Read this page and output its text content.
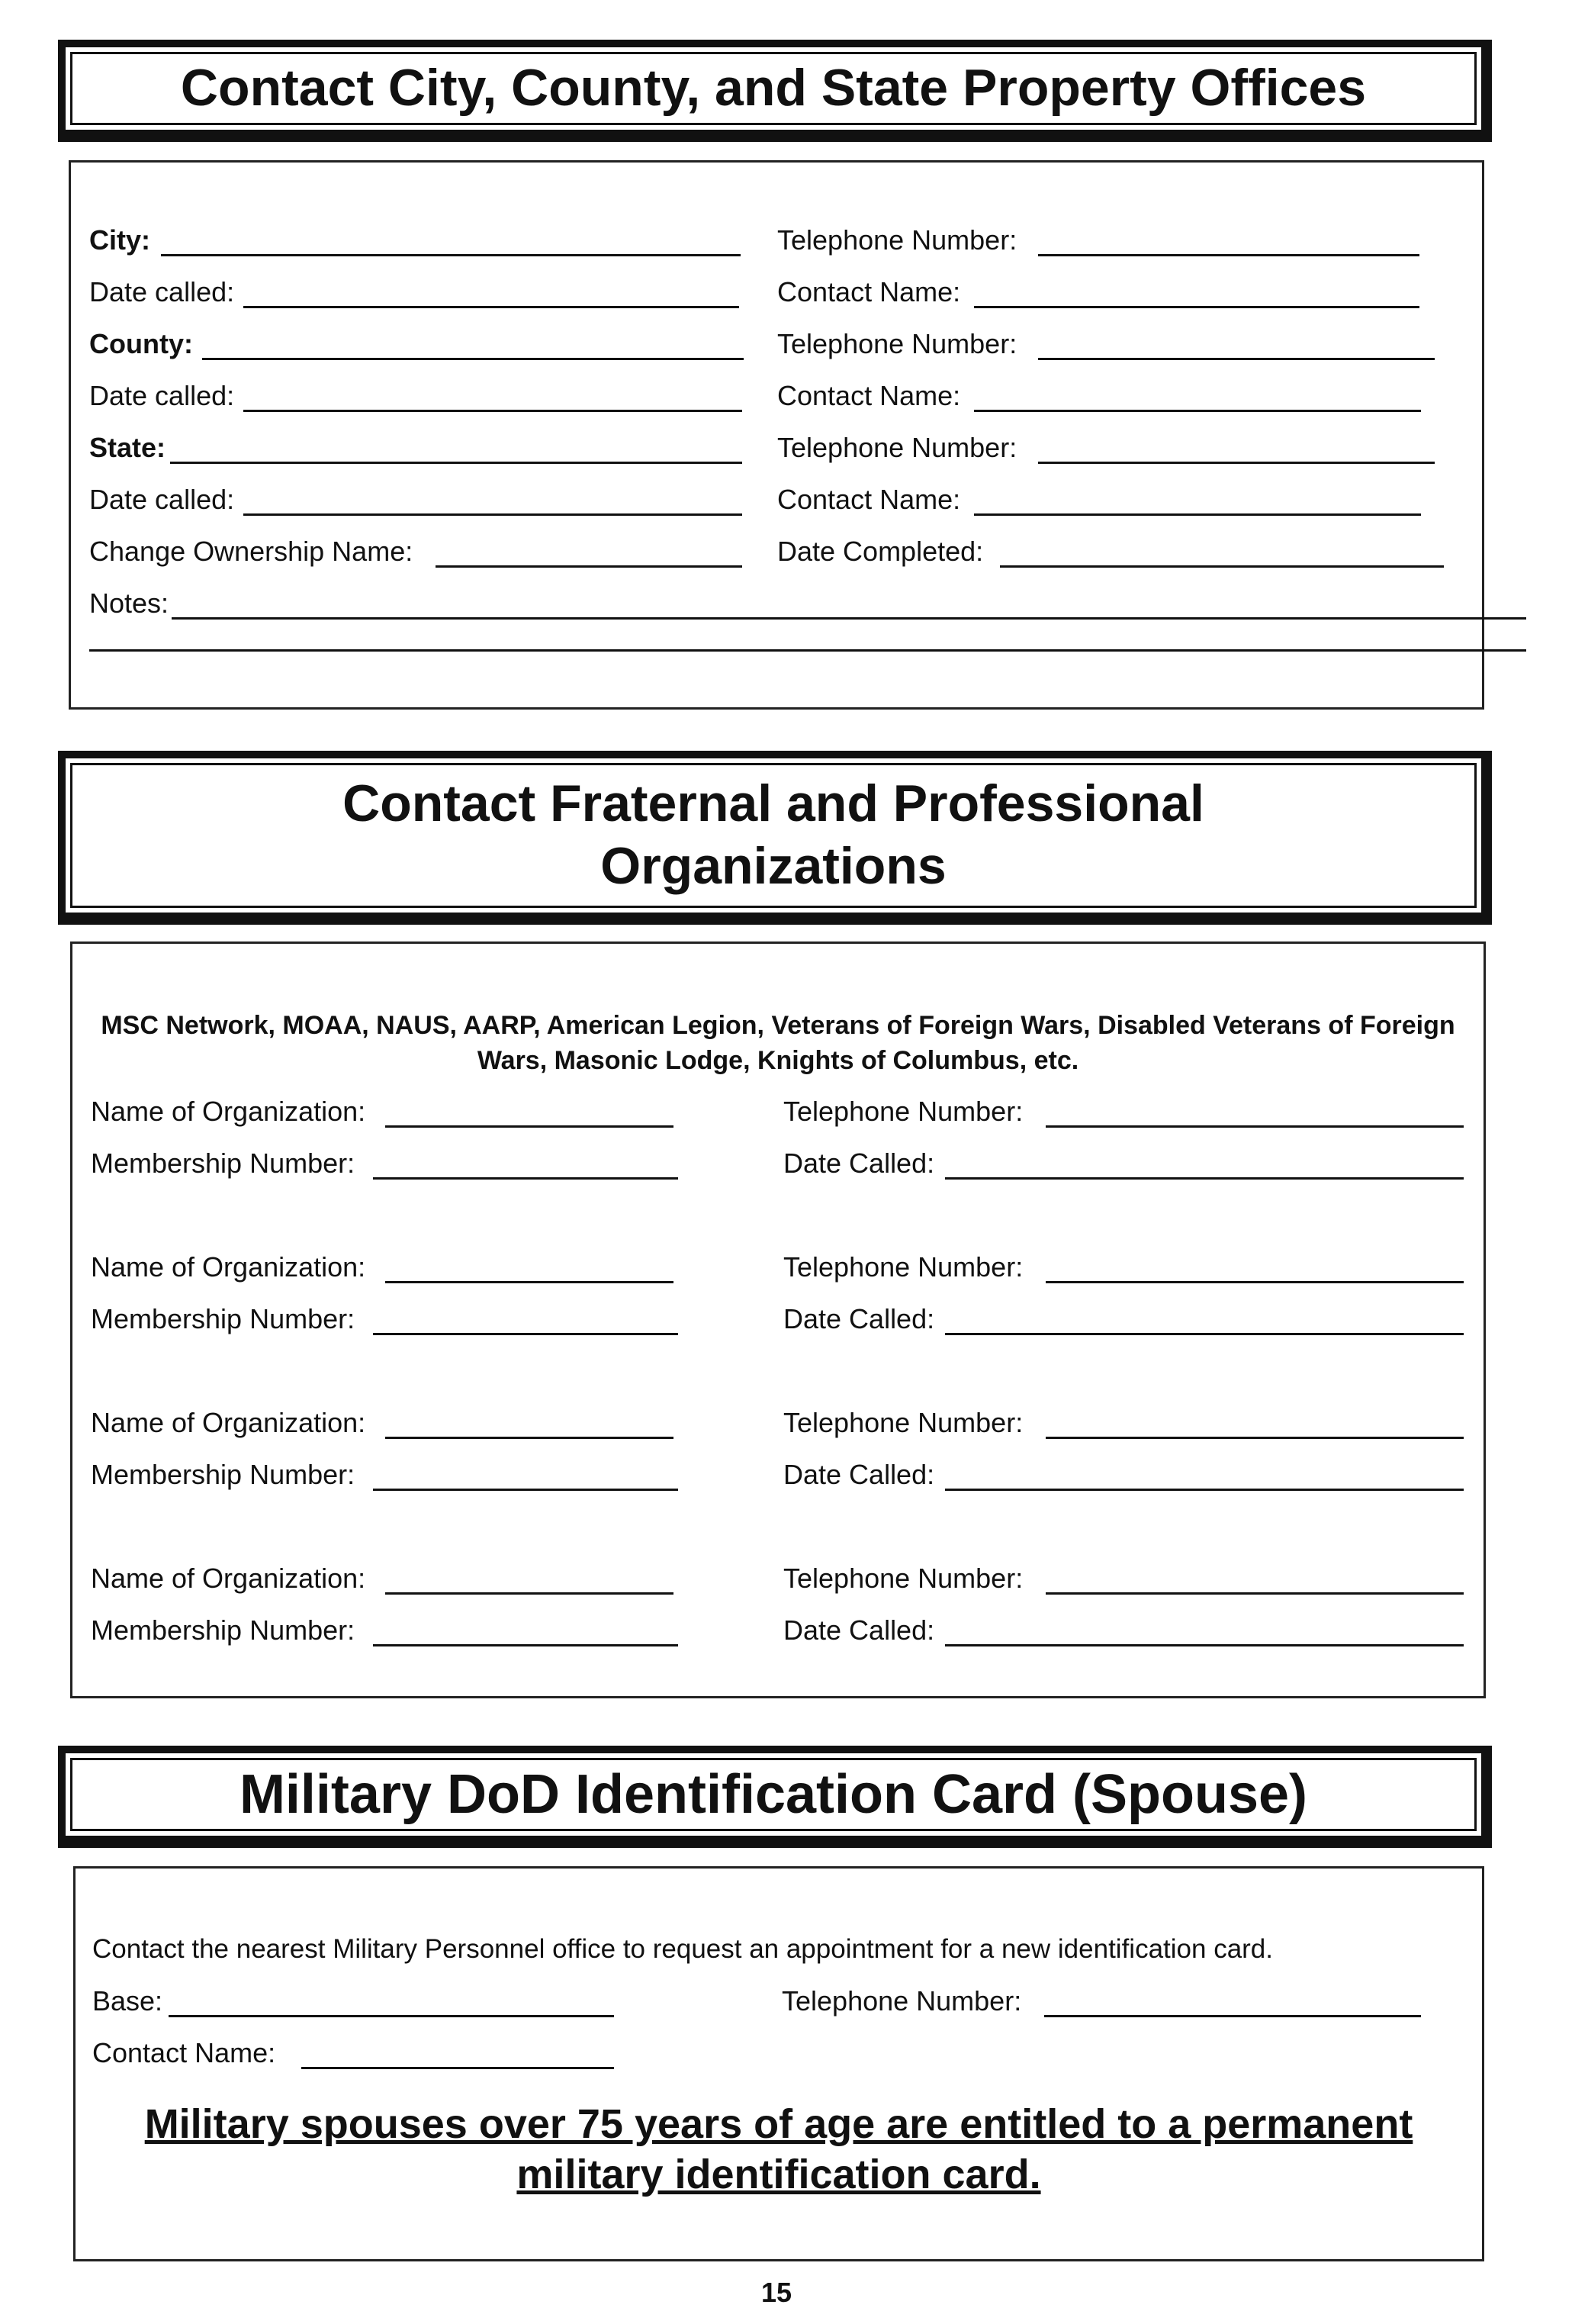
Contact City, County, and State Property Offices
City:	Telephone Number:
Date called:	Contact Name:
County:	Telephone Number:
Date called:	Contact Name:
State:	Telephone Number:
Date called:	Contact Name:
Change Ownership Name:	Date Completed:
Notes:
Contact Fraternal and Professional
Organizations
MSC Network, MOAA, NAUS, AARP, American Legion, Veterans of Foreign Wars, Disabled Veterans of Foreign Wars, Masonic Lodge, Knights of Columbus, etc.
Name of Organization:	Telephone Number:
Membership Number:	Date Called:
Name of Organization:	Telephone Number:
Membership Number:	Date Called:
Name of Organization:	Telephone Number:
Membership Number:	Date Called:
Name of Organization:	Telephone Number:
Membership Number:	Date Called:
Military DoD Identification Card (Spouse)
Contact the nearest Military Personnel office to request an appointment for a new identification card.
Base:	Telephone Number:
Contact Name:
Military spouses over 75 years of age are entitled to a permanent
military identification card.
15
